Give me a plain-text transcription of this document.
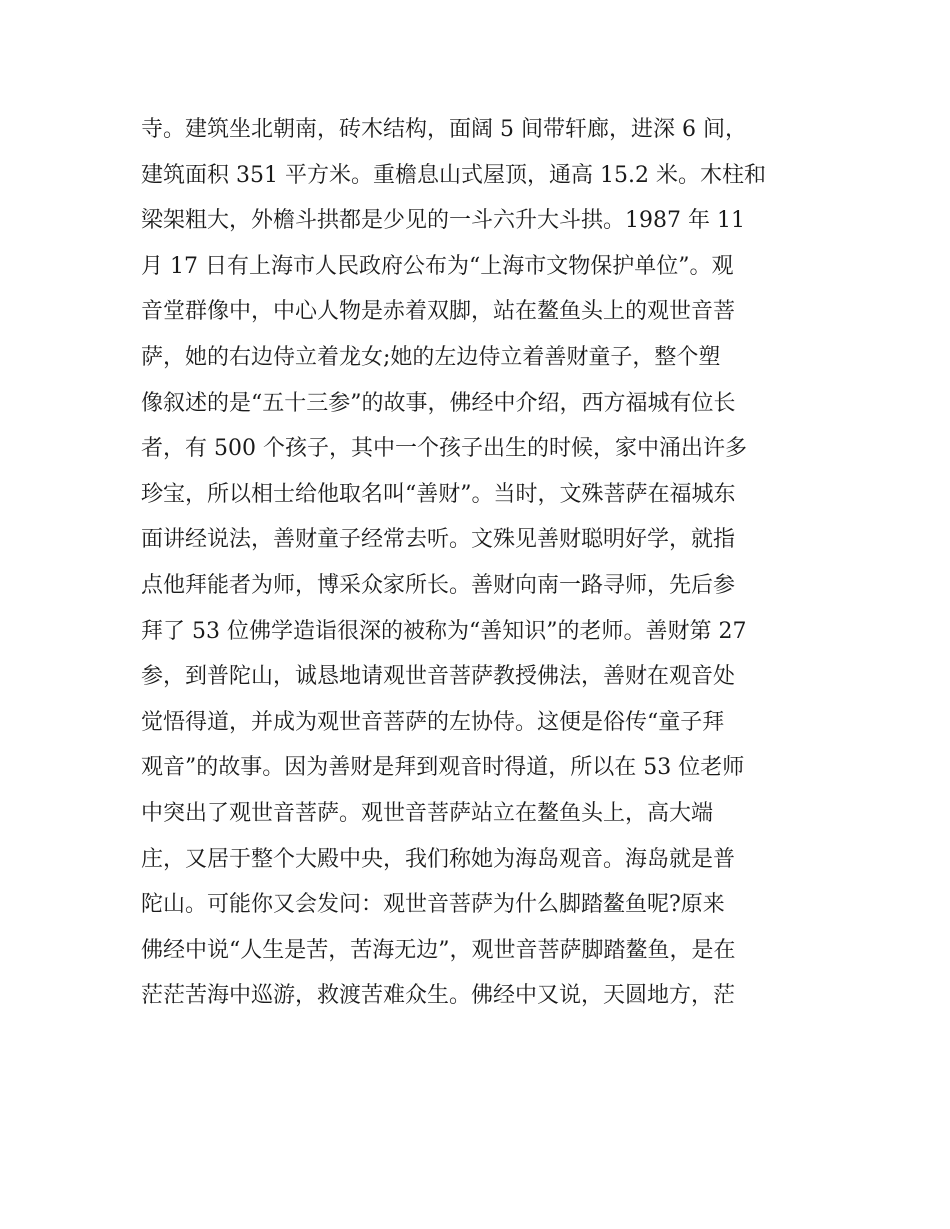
寺。建筑坐北朝南，砖木结构，面阔 5 间带轩廊，进深 6 间，
建筑面积 351 平方米。重檐息山式屋顶，通高 15.2 米。木柱和
梁架粗大，外檐斗拱都是少见的一斗六升大斗拱。1987 年 11
月 17 日有上海市人民政府公布为“上海市文物保护单位”。观
音堂群像中，中心人物是赤着双脚，站在鳌鱼头上的观世音菩
萨，她的右边侍立着龙女;她的左边侍立着善财童子，整个塑
像叙述的是“五十三参”的故事，佛经中介绍，西方福城有位长
者，有 500 个孩子，其中一个孩子出生的时候，家中涌出许多
珍宝，所以相士给他取名叫“善财”。当时，文殊菩萨在福城东
面讲经说法，善财童子经常去听。文殊见善财聪明好学，就指
点他拜能者为师，博采众家所长。善财向南一路寻师，先后参
拜了 53 位佛学造诣很深的被称为“善知识”的老师。善财第 27
参，到普陀山，诚恳地请观世音菩萨教授佛法，善财在观音处
觉悟得道，并成为观世音菩萨的左协侍。这便是俗传“童子拜
观音”的故事。因为善财是拜到观音时得道，所以在 53 位老师
中突出了观世音菩萨。观世音菩萨站立在鳌鱼头上，高大端
庄，又居于整个大殿中央，我们称她为海岛观音。海岛就是普
陀山。可能你又会发问：观世音菩萨为什么脚踏鳌鱼呢?原来
佛经中说“人生是苦，苦海无边”，观世音菩萨脚踏鳌鱼，是在
茫茫苦海中巡游，救渡苦难众生。佛经中又说，天圆地方，茫
